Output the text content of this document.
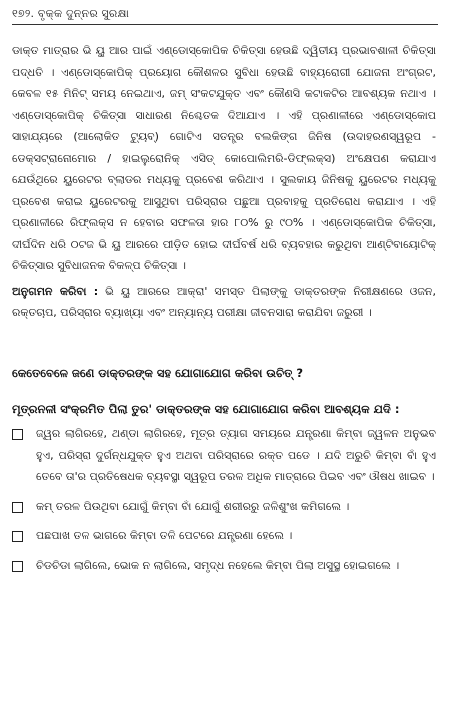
୧୭୨. ବୃକ୍କ ଦୁନ୍ନର ସୁରକ୍ଷା

ଡାକ୍ତ ମାତ୍ରାର ଭି ୟୁ ଆର ପାଇଁ ଏଣ୍ଡୋସ୍କୋପିକ ଚିକିତ୍ସା ହେଉଛି ଦ୍ୱିତୀୟ ପ୍ରଭାବଶାଳୀ ଚିକିତ୍ସା ପଦ୍ଧତି । ଏଣ୍ଡୋସ୍କୋପିକ୍ ପ୍ରୟୋଗ କୌଶଳର ସୁବିଧା ହେଉଛି ବାହ୍ୟରୋଗୀ ଯୋଜନା ଅଂଗ୍ରଟ, କେବଳ ୧୫ ମିନିଟ୍ ସମୟ ନେଇଥାଏ, ଜମ୍ ସଂକଟଯୁକ୍ତ ଏବଂ କୌଣସି କଟାକଟିର ଆବଶ୍ୟକ ନଥାଏ । ଏଣ୍ଡୋସ୍କୋପିକ୍ ଚିକିତ୍ସା ସାଧାରଣ ନିଶ୍ଚେତକ ଦିଆଯାଏ । ଏହି ପ୍ରଣାଳୀରେ ଏଣ୍ଡୋସ୍କୋପ ସାହାଯ୍ୟରେ (ଆଲୋକିତ ଟ୍ୟୁବ୍) ଗୋଟିଏ ସତନ୍ତ୍ର ବଲକିଙ୍ଗ ଜିନିଷ (ଉଦାହରଣସ୍ୱରୂପ - ଡେକ୍ସଟ୍ରାନୋମୋର / ହାଇଲୁରୋନିକ୍ ଏସିଡ୍ କୋପୋଲିମରି-ଡିଫ୍ଲକ୍ସ) ଅଂକ୍ଷେପଣ କରାଯାଏ ଯେଉଁଥିରେ ୟୁରେଟର ବ୍ଲାଡର ମଧ୍ୟକୁ ପ୍ରବେଶ କରିଥାଏ । ସୁଲକାୟ ଜିନିଷକୁ ୟୁରେଟର ମଧ୍ୟକୁ ପ୍ରବେଶ କରାଇ ୟୁରେଟରକୁ ଆସୁଥିବା ପରିସ୍ରାର ପଛୁଆ ପ୍ରବାହକୁ ପ୍ରତିରୋଧ କରାଯାଏ । ଏହି ପ୍ରଣାଳୀରେ ରିଫ୍ଲକ୍ସ ନ ହେବାର ସଫଳତା ହାର ୮୦% ରୁ ୯୦% । ଏଣ୍ଡୋସ୍କୋପିକ ଚିକିତ୍ସା, ଦୀର୍ଘଦିନ ଧରି ୦ଟଜ ଭି ୟୁ ଆରରେ ପୀଡ଼ିତ ହୋଇ ଦୀର୍ଘବର୍ଷ ଧରି ବ୍ୟବହାର କରୁଥିବା ଆଣ୍ଟିବାୟୋଟିକ୍ ଚିକିତ୍ସାର ସୁବିଧାଜନକ ବିକଳ୍ପ ଚିକିତ୍ସା ।

ଅନୁଗମନ କରିବା : ଭି ୟୁ ଆରରେ ଆକ୍ରା' ସମସ୍ତ ପିଲାଙ୍କୁ ଡାକ୍ତରଙ୍କ ନିରୀକ୍ଷଣରେ ଓଜନ, ରକ୍ତଚାପ, ପରିସ୍ରାର ବ୍ୟାଖ୍ୟା ଏବଂ ଅନ୍ୟାନ୍ୟ ପରୀକ୍ଷା ଜୀବନସାରା କରାଯିବା ଜରୁରୀ ।

କେତେବେଳେ ଜଣେ ଡାକ୍ତରଙ୍କ ସହ ଯୋଗାଯୋଗ କରିବା ଉଚିତ୍ ?
ମୂତ୍ରନଳୀ ସଂକ୍ରମିତ ପିଲା ତୁର' ଡାକ୍ତରଙ୍କ ସହ ଯୋଗାଯୋଗ କରିବା ଆବଶ୍ୟକ ଯଦି :
ଜ୍ୱର ଲାଗିରହେ, ଥଣ୍ଡା ଲାଗିରହେ, ମୂତ୍ର ତ୍ୟାଗ ସମୟରେ ଯନ୍ତ୍ରଣା କିମ୍ବା ଜ୍ୱଳନ ଅନୁଭବ ହୁଏ, ପରିସ୍ରା ଦୁର୍ଗନ୍ଧଯୁକ୍ତ ହୁଏ ଅଥବା ପରିସ୍ରାରେ ରକ୍ତ ପଡେ । ଯଦି ଅରୁଚି କିମ୍ବା ବାଁ ହୁଏ ତେବେ ତା'ର ପ୍ରତିଷେଧକ ବ୍ୟବସ୍ଥା ସ୍ୱରୂପ ତରଳ ଅଧିକ ମାତ୍ରାରେ ପିଇବ ଏବଂ ଔଷଧ ଖାଇବ ।
କମ୍ ତରଳ ପିଉଥିବା ଯୋଗୁଁ କିମ୍ବା ବାଁ ଯୋଗୁଁ ଶରୀରରୁ ଜଳିଶୁଂଖ କମିଗଲେ ।
ପଛପାଖ ତଳ ଭାଗରେ କିମ୍ବା ତଳି ପେଟରେ ଯନ୍ତ୍ରଣା ହେଲେ ।
ଚିଡଚିଡା ଲାଗିଲେ, ଭୋକ ନ ଲାଗିଲେ, ସମୃଦ୍ଧ ନହେଲେ କିମ୍ବା ପିଲା ଅସୁସ୍ଥ ହୋଇଗଲେ ।
